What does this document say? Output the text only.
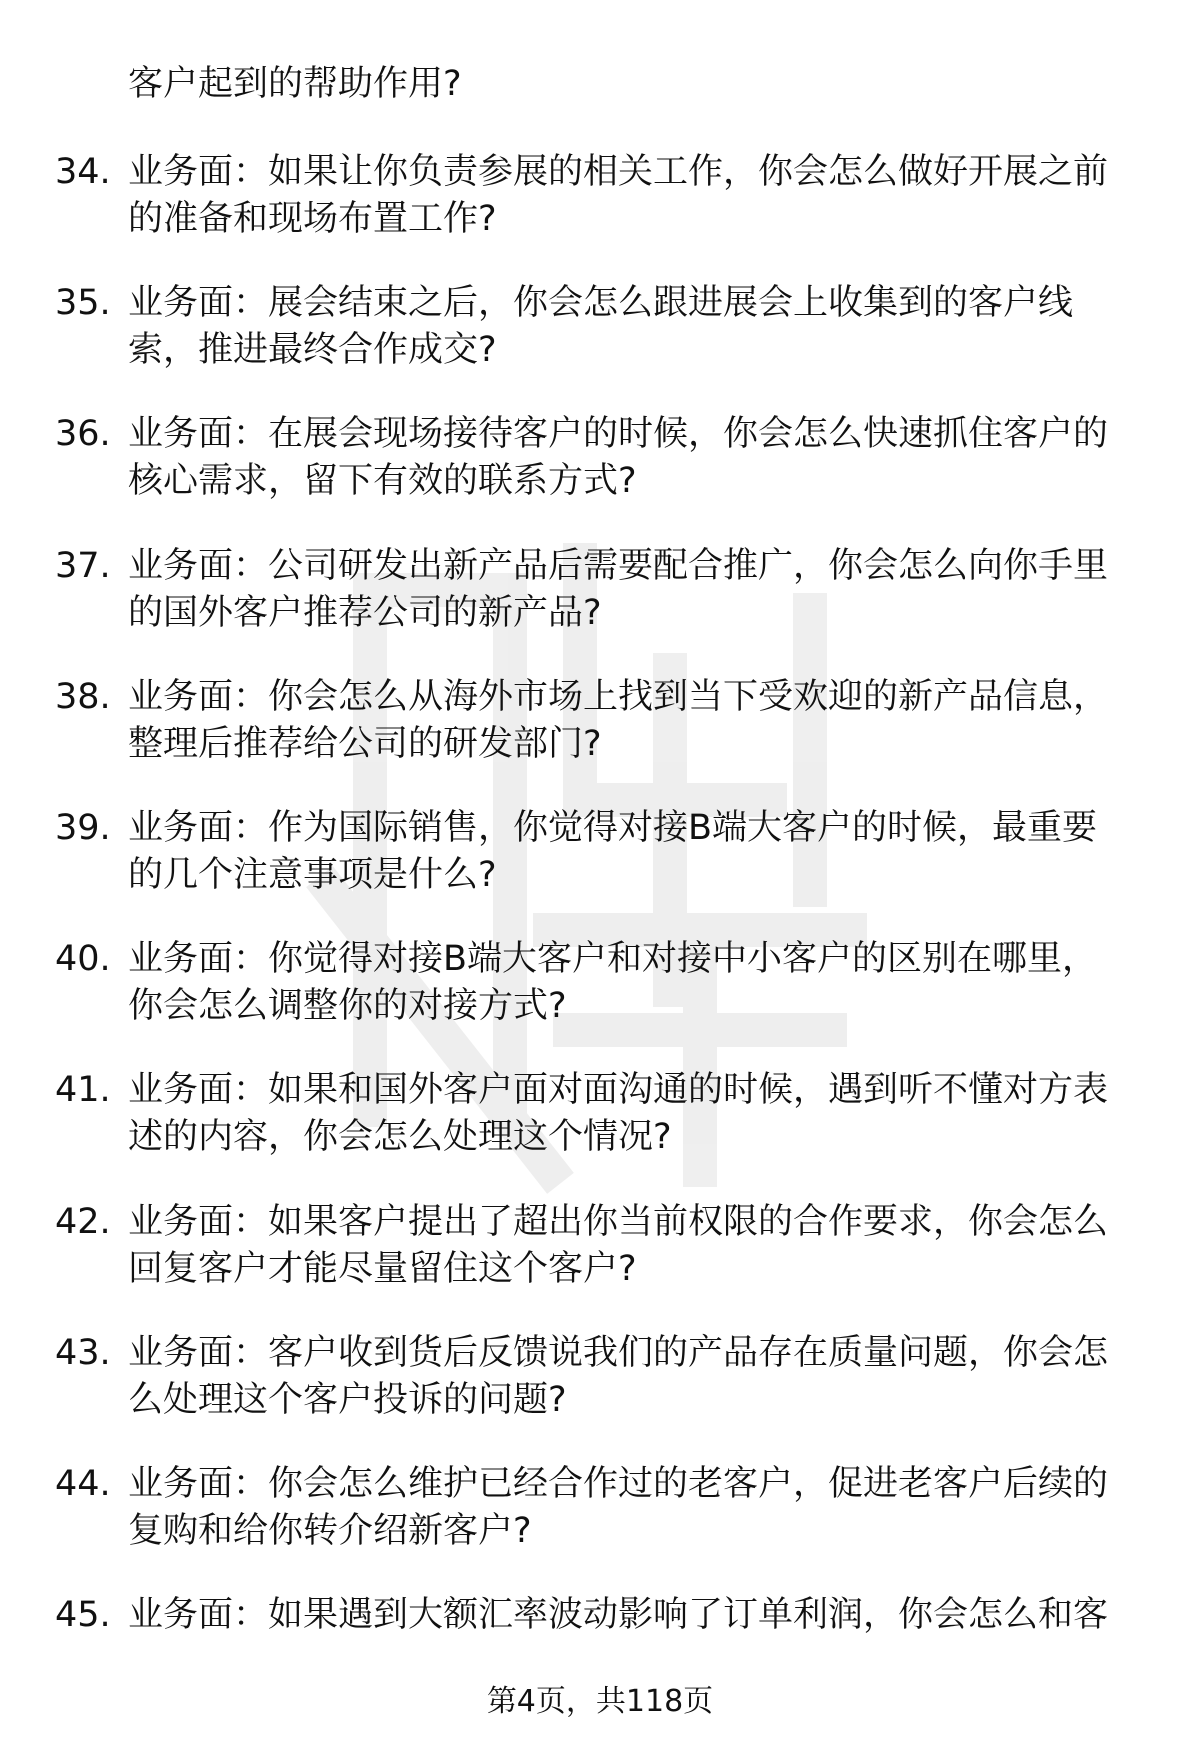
客户起到的帮助作用?
34. 业务面：如果让你负责参展的相关工作，你会怎么做好开展之前
的准备和现场布置工作?
35. 业务面：展会结束之后，你会怎么跟进展会上收集到的客户线
索，推进最终合作成交?
36. 业务面：在展会现场接待客户的时候，你会怎么快速抓住客户的
核心需求，留下有效的联系方式?
37. 业务面：公司研发出新产品后需要配合推广，你会怎么向你手里
的国外客户推荐公司的新产品?
38. 业务面：你会怎么从海外市场上找到当下受欢迎的新产品信息，
整理后推荐给公司的研发部门?
39. 业务面：作为国际销售，你觉得对接B端大客户的时候，最重要
的几个注意事项是什么?
40. 业务面：你觉得对接B端大客户和对接中小客户的区别在哪里，
你会怎么调整你的对接方式?
41. 业务面：如果和国外客户面对面沟通的时候，遇到听不懂对方表
述的内容，你会怎么处理这个情况?
42. 业务面：如果客户提出了超出你当前权限的合作要求，你会怎么
回复客户才能尽量留住这个客户?
43. 业务面：客户收到货后反馈说我们的产品存在质量问题，你会怎
么处理这个客户投诉的问题?
44. 业务面：你会怎么维护已经合作过的老客户，促进老客户后续的
复购和给你转介绍新客户?
45. 业务面：如果遇到大额汇率波动影响了订单利润，你会怎么和客
第4页，共118页
